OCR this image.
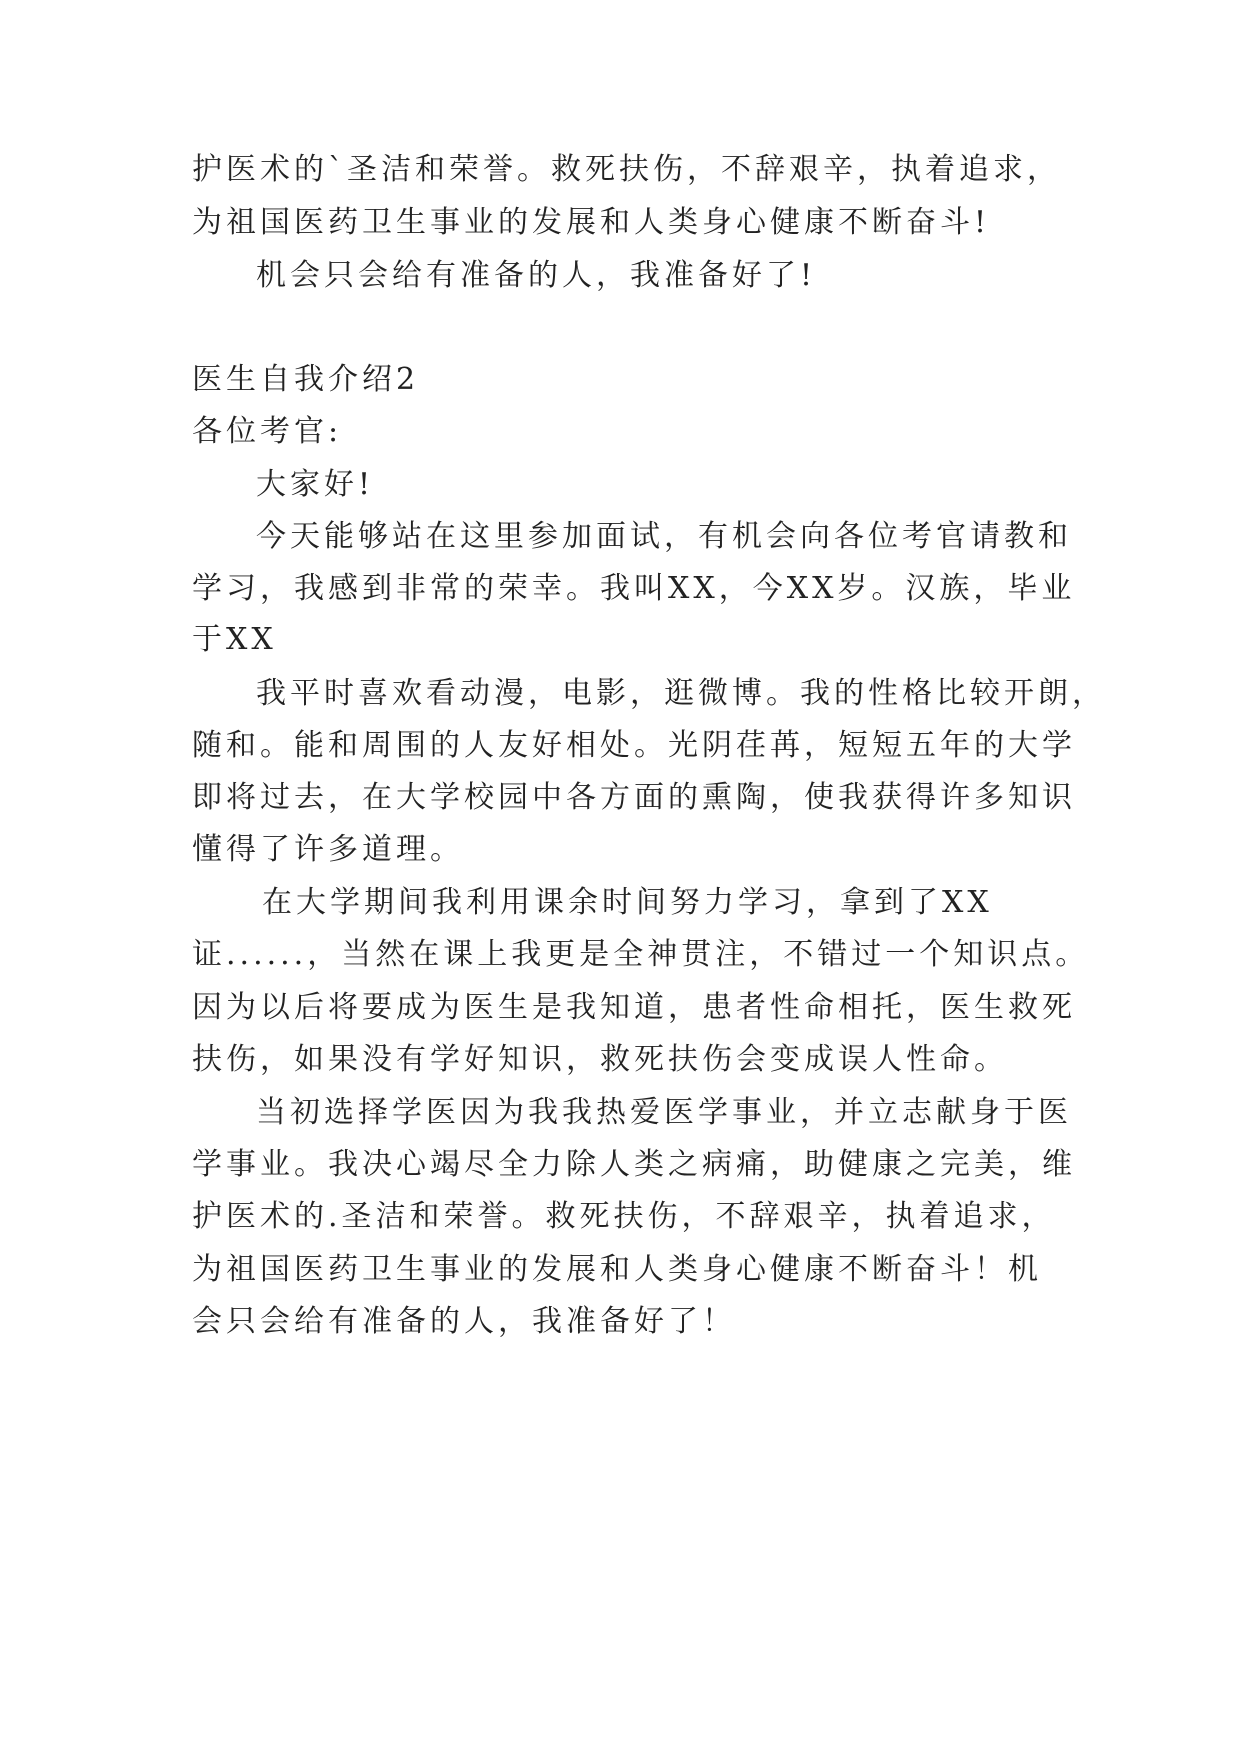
护医术的`圣洁和荣誉。救死扶伤，不辞艰辛，执着追求，
为祖国医药卫生事业的发展和人类身心健康不断奋斗!
机会只会给有准备的人，我准备好了!
医生自我介绍2
各位考官:
大家好!
今天能够站在这里参加面试，有机会向各位考官请教和
学习，我感到非常的荣幸。我叫XX，今XX岁。汉族，毕业
于XX
我平时喜欢看动漫，电影，逛微博。我的性格比较开朗，
随和。能和周围的人友好相处。光阴荏苒，短短五年的大学
即将过去，在大学校园中各方面的熏陶，使我获得许多知识
懂得了许多道理。
在大学期间我利用课余时间努力学习，拿到了XX
证......，当然在课上我更是全神贯注，不错过一个知识点。
因为以后将要成为医生是我知道，患者性命相托，医生救死
扶伤，如果没有学好知识，救死扶伤会变成误人性命。
当初选择学医因为我我热爱医学事业，并立志献身于医
学事业。我决心竭尽全力除人类之病痛，助健康之完美，维
护医术的.圣洁和荣誉。救死扶伤，不辞艰辛，执着追求，
为祖国医药卫生事业的发展和人类身心健康不断奋斗！机
会只会给有准备的人，我准备好了！
